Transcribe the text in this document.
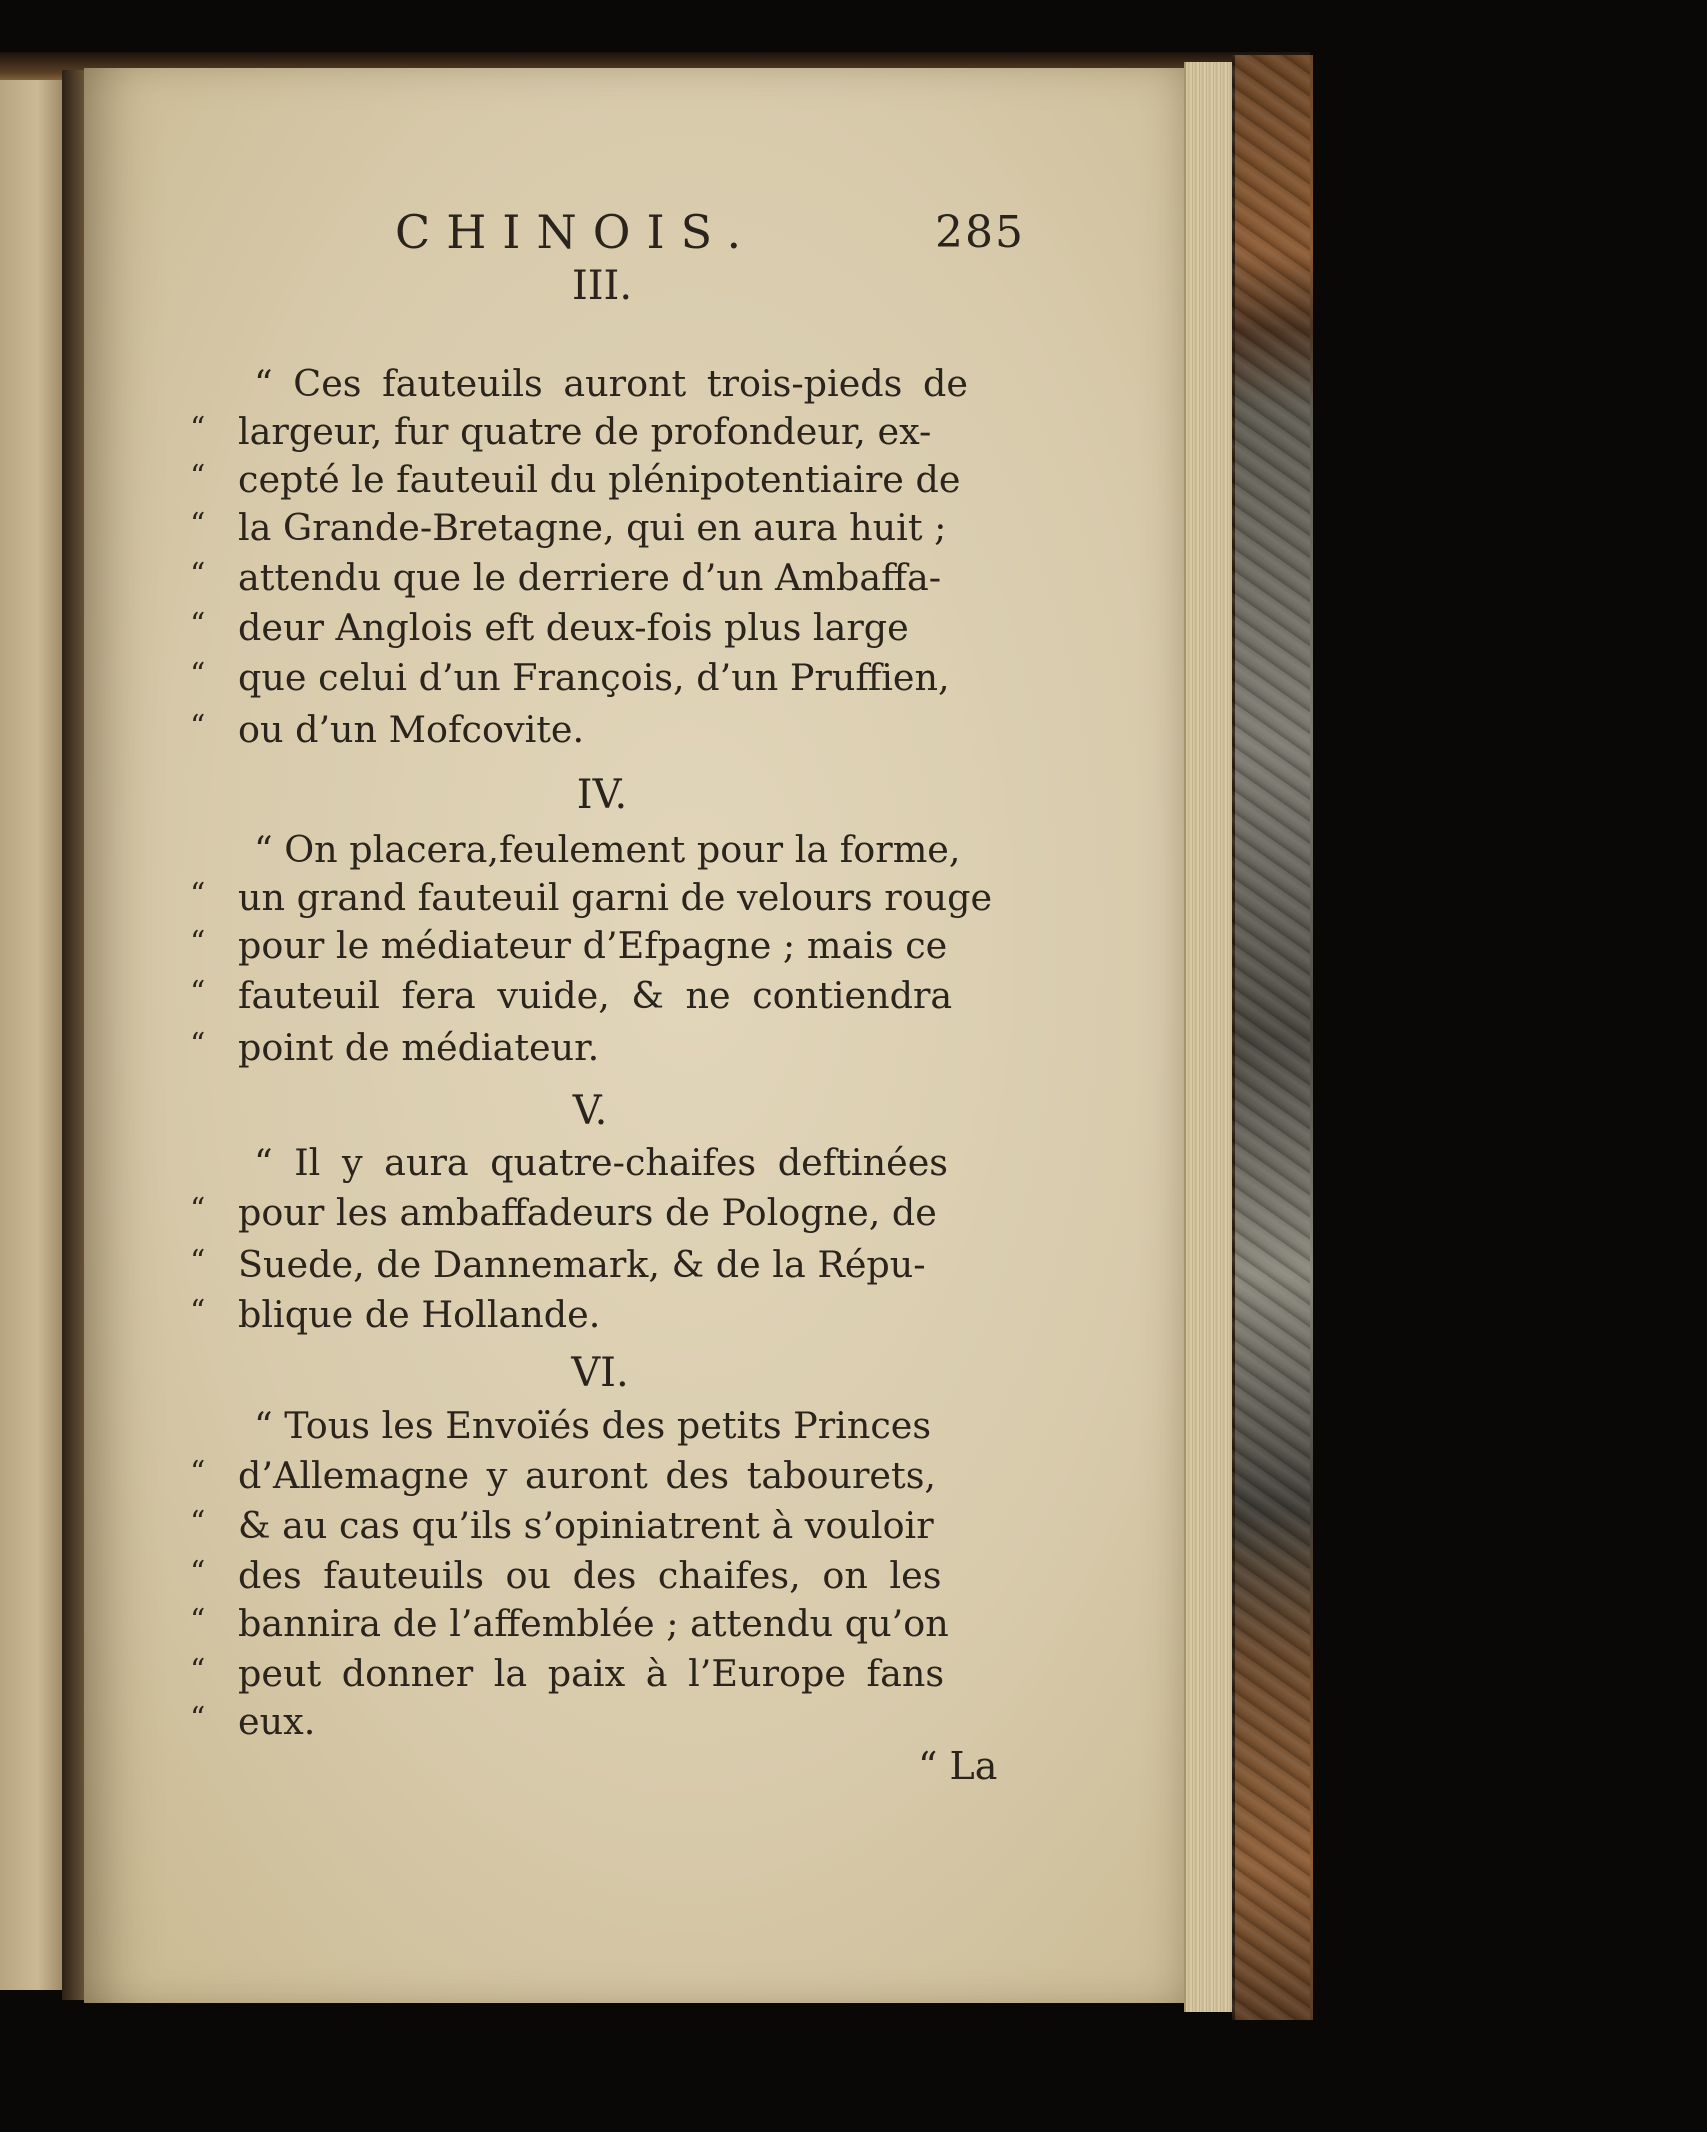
CHINOIS.	285

III.

“ Ces fauteuils auront trois-pieds de

“ largeur, fur quatre de profondeur, ex-

“ cepté le fauteuil du plénipotentiaire de

“ la Grande-Bretagne, qui en aura huit ;

“ attendu que le derriere d’un Ambaffa-

“ deur Anglois eft deux-fois plus large

“ que celui d’un François, d’un Pruffien,

“ ou d’un Mofcovite.

IV.

“ On placera,feulement pour la forme,

“ un grand fauteuil garni de velours rouge

“ pour le médiateur d’Efpagne ; mais ce

“ fauteuil fera vuide, & ne contiendra

“ point de médiateur.

V.

“ Il y aura quatre-chaifes deftinées

“ pour les ambaffadeurs de Pologne, de

“ Suede, de Dannemark, & de la Répu-

“ blique de Hollande.

VI.

“ Tous les Envoïés des petits Princes

“ d’Allemagne y auront des tabourets,

“ & au cas qu’ils s’opiniatrent à vouloir

“ des fauteuils ou des chaifes, on les

“ bannira de l’affemblée ; attendu qu’on

“ peut donner la paix à l’Europe fans

“ eux.

“ La
